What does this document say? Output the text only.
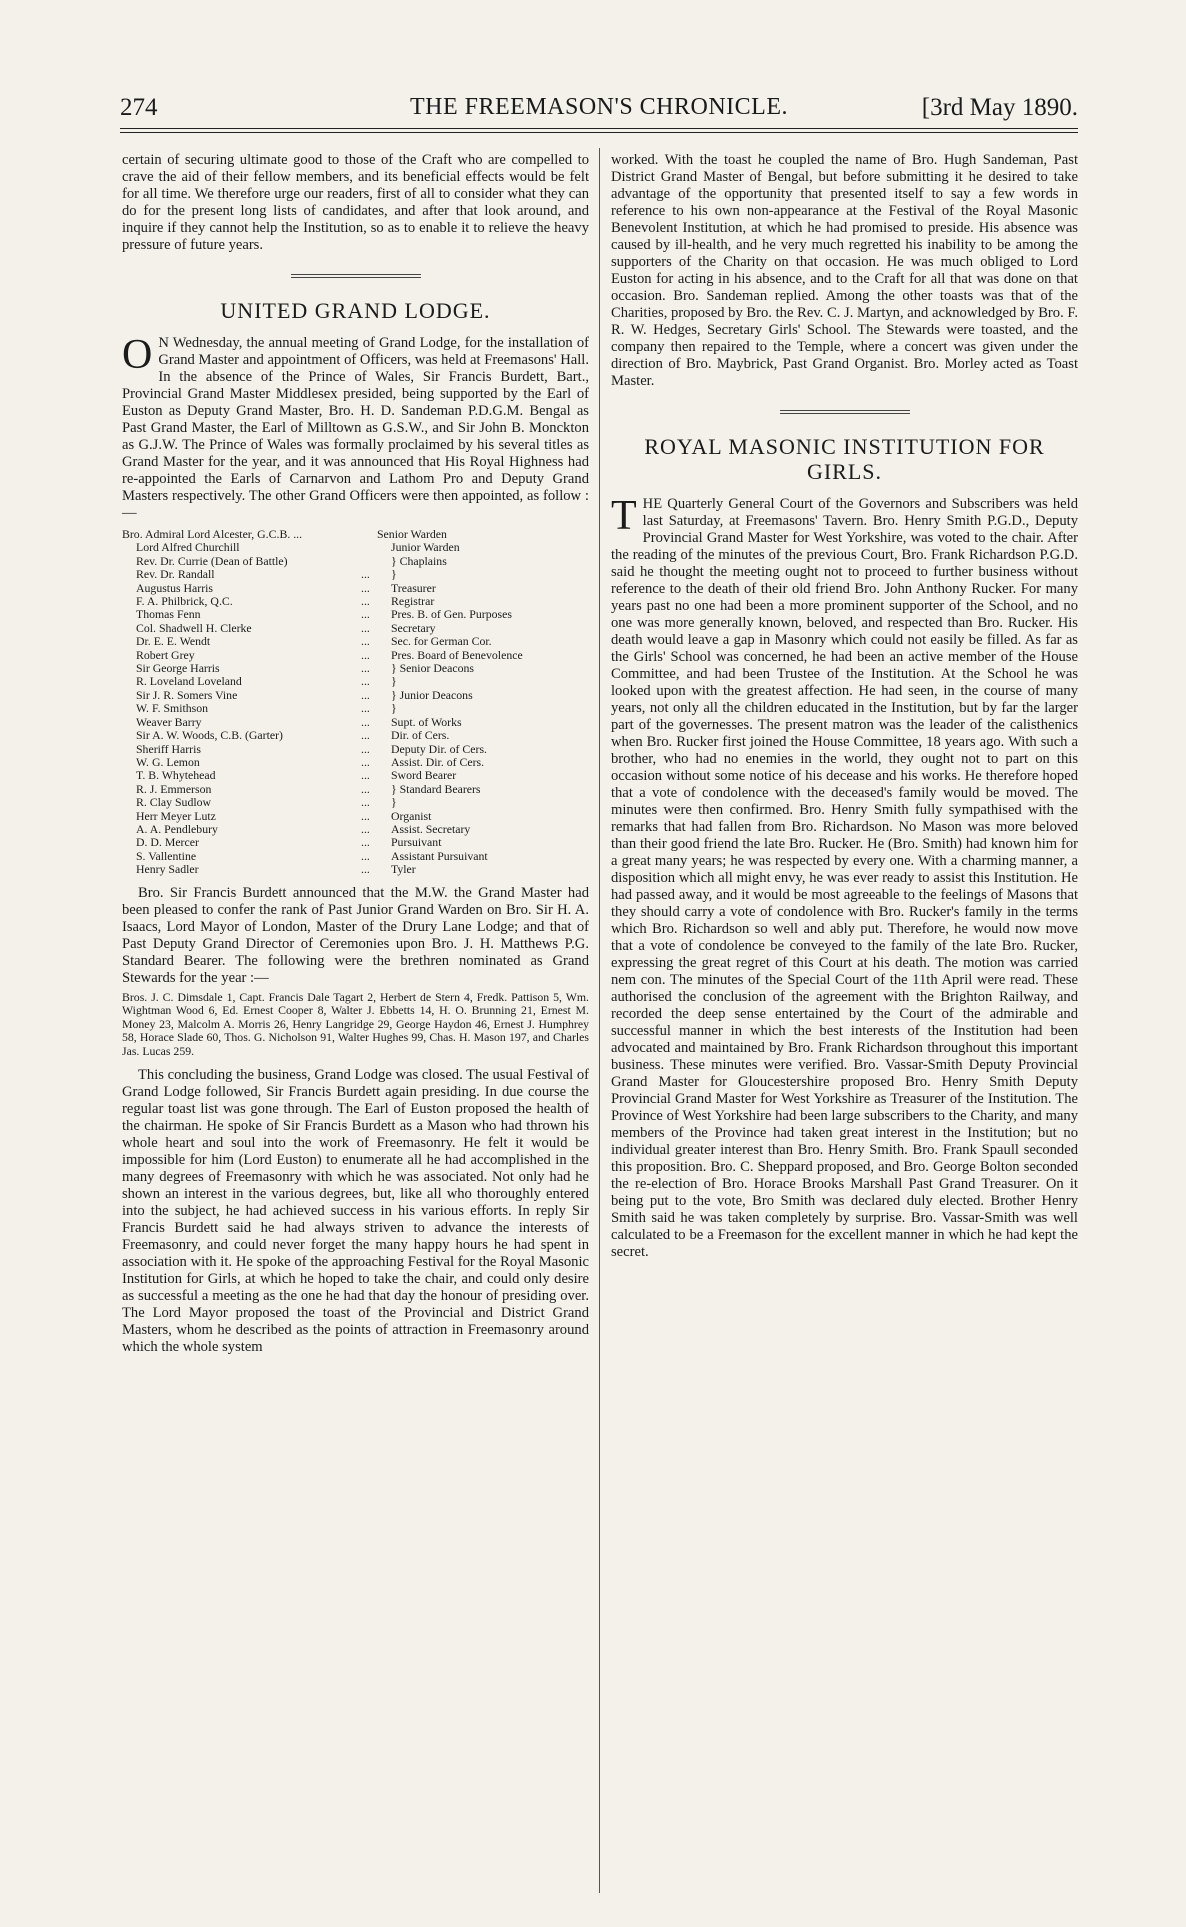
274	THE FREEMASON'S CHRONICLE.	[3rd May 1890.

certain of securing ultimate good to those of the Craft who are compelled to crave the aid of their fellow members, and its beneficial effects would be felt for all time. We therefore urge our readers, first of all to consider what they can do for the present long lists of candidates, and after that look around, and inquire if they cannot help the Institution, so as to enable it to relieve the heavy pressure of future years.

UNITED GRAND LODGE.

O N Wednesday, the annual meeting of Grand Lodge, for the installation of Grand Master and appointment of Officers, was held at Freemasons' Hall. In the absence of the Prince of Wales, Sir Francis Burdett, Bart., Provincial Grand Master Middlesex presided, being supported by the Earl of Euston as Deputy Grand Master, Bro. H. D. Sandeman P.D.G.M. Bengal as Past Grand Master, the Earl of Milltown as G.S.W., and Sir John B. Monckton as G.J.W. The Prince of Wales was formally proclaimed by his several titles as Grand Master for the year, and it was announced that His Royal Highness had re-appointed the Earls of Carnarvon and Lathom Pro and Deputy Grand Masters respectively. The other Grand Officers were then appointed, as follow :—

Bro. Admiral Lord Alcester, G.C.B. ...	Senior Warden
Lord Alfred Churchill	Junior Warden
Rev. Dr. Currie (Dean of Battle)	} Chaplains
Rev. Dr. Randall	...	}
Augustus Harris	...	Treasurer
F. A. Philbrick, Q.C.	...	Registrar
Thomas Fenn	...	Pres. B. of Gen. Purposes
Col. Shadwell H. Clerke	...	Secretary
Dr. E. E. Wendt	...	Sec. for German Cor.
Robert Grey	...	Pres. Board of Benevolence
Sir George Harris	...	} Senior Deacons
R. Loveland Loveland	...	}
Sir J. R. Somers Vine	...	} Junior Deacons
W. F. Smithson	...	}
Weaver Barry	...	Supt. of Works
Sir A. W. Woods, C.B. (Garter)	...	Dir. of Cers.
Sheriff Harris	...	Deputy Dir. of Cers.
W. G. Lemon	...	Assist. Dir. of Cers.
T. B. Whytehead	...	Sword Bearer
R. J. Emmerson	...	} Standard Bearers
R. Clay Sudlow	...	}
Herr Meyer Lutz	...	Organist
A. A. Pendlebury	...	Assist. Secretary
D. D. Mercer	...	Pursuivant
S. Vallentine	...	Assistant Pursuivant
Henry Sadler	...	Tyler

Bro. Sir Francis Burdett announced that the M.W. the Grand Master had been pleased to confer the rank of Past Junior Grand Warden on Bro. Sir H. A. Isaacs, Lord Mayor of London, Master of the Drury Lane Lodge; and that of Past Deputy Grand Director of Ceremonies upon Bro. J. H. Matthews P.G. Standard Bearer. The following were the brethren nominated as Grand Stewards for the year :—

Bros. J. C. Dimsdale 1, Capt. Francis Dale Tagart 2, Herbert de Stern 4, Fredk. Pattison 5, Wm. Wightman Wood 6, Ed. Ernest Cooper 8, Walter J. Ebbetts 14, H. O. Brunning 21, Ernest M. Money 23, Malcolm A. Morris 26, Henry Langridge 29, George Haydon 46, Ernest J. Humphrey 58, Horace Slade 60, Thos. G. Nicholson 91, Walter Hughes 99, Chas. H. Mason 197, and Charles Jas. Lucas 259.

This concluding the business, Grand Lodge was closed. The usual Festival of Grand Lodge followed, Sir Francis Burdett again presiding. In due course the regular toast list was gone through. The Earl of Euston proposed the health of the chairman. He spoke of Sir Francis Burdett as a Mason who had thrown his whole heart and soul into the work of Freemasonry. He felt it would be impossible for him (Lord Euston) to enumerate all he had accomplished in the many degrees of Freemasonry with which he was associated. Not only had he shown an interest in the various degrees, but, like all who thoroughly entered into the subject, he had achieved success in his various efforts. In reply Sir Francis Burdett said he had always striven to advance the interests of Freemasonry, and could never forget the many happy hours he had spent in association with it. He spoke of the approaching Festival for the Royal Masonic Institution for Girls, at which he hoped to take the chair, and could only desire as successful a meeting as the one he had that day the honour of presiding over. The Lord Mayor proposed the toast of the Provincial and District Grand Masters, whom he described as the points of attraction in Freemasonry around which the whole system

worked. With the toast he coupled the name of Bro. Hugh Sandeman, Past District Grand Master of Bengal, but before submitting it he desired to take advantage of the opportunity that presented itself to say a few words in reference to his own non-appearance at the Festival of the Royal Masonic Benevolent Institution, at which he had promised to preside. His absence was caused by ill-health, and he very much regretted his inability to be among the supporters of the Charity on that occasion. He was much obliged to Lord Euston for acting in his absence, and to the Craft for all that was done on that occasion. Bro. Sandeman replied. Among the other toasts was that of the Charities, proposed by Bro. the Rev. C. J. Martyn, and acknowledged by Bro. F. R. W. Hedges, Secretary Girls' School. The Stewards were toasted, and the company then repaired to the Temple, where a concert was given under the direction of Bro. Maybrick, Past Grand Organist. Bro. Morley acted as Toast Master.

ROYAL MASONIC INSTITUTION FOR GIRLS.

THE Quarterly General Court of the Governors and Subscribers was held last Saturday, at Freemasons' Tavern. Bro. Henry Smith P.G.D., Deputy Provincial Grand Master for West Yorkshire, was voted to the chair. After the reading of the minutes of the previous Court, Bro. Frank Richardson P.G.D. said he thought the meeting ought not to proceed to further business without reference to the death of their old friend Bro. John Anthony Rucker. For many years past no one had been a more prominent supporter of the School, and no one was more generally known, beloved, and respected than Bro. Rucker. His death would leave a gap in Masonry which could not easily be filled. As far as the Girls' School was concerned, he had been an active member of the House Committee, and had been Trustee of the Institution. At the School he was looked upon with the greatest affection. He had seen, in the course of many years, not only all the children educated in the Institution, but by far the larger part of the governesses. The present matron was the leader of the calisthenics when Bro. Rucker first joined the House Committee, 18 years ago. With such a brother, who had no enemies in the world, they ought not to part on this occasion without some notice of his decease and his works. He therefore hoped that a vote of condolence with the deceased's family would be moved. The minutes were then confirmed. Bro. Henry Smith fully sympathised with the remarks that had fallen from Bro. Richardson. No Mason was more beloved than their good friend the late Bro. Rucker. He (Bro. Smith) had known him for a great many years; he was respected by every one. With a charming manner, a disposition which all might envy, he was ever ready to assist this Institution. He had passed away, and it would be most agreeable to the feelings of Masons that they should carry a vote of condolence with Bro. Rucker's family in the terms which Bro. Richardson so well and ably put. Therefore, he would now move that a vote of condolence be conveyed to the family of the late Bro. Rucker, expressing the great regret of this Court at his death. The motion was carried nem con. The minutes of the Special Court of the 11th April were read. These authorised the conclusion of the agreement with the Brighton Railway, and recorded the deep sense entertained by the Court of the admirable and successful manner in which the best interests of the Institution had been advocated and maintained by Bro. Frank Richardson throughout this important business. These minutes were verified. Bro. Vassar-Smith Deputy Provincial Grand Master for Gloucestershire proposed Bro. Henry Smith Deputy Provincial Grand Master for West Yorkshire as Treasurer of the Institution. The Province of West Yorkshire had been large subscribers to the Charity, and many members of the Province had taken great interest in the Institution; but no individual greater interest than Bro. Henry Smith. Bro. Frank Spaull seconded this proposition. Bro. C. Sheppard proposed, and Bro. George Bolton seconded the re-election of Bro. Horace Brooks Marshall Past Grand Treasurer. On it being put to the vote, Bro Smith was declared duly elected. Brother Henry Smith said he was taken completely by surprise. Bro. Vassar-Smith was well calculated to be a Freemason for the excellent manner in which he had kept the secret.
